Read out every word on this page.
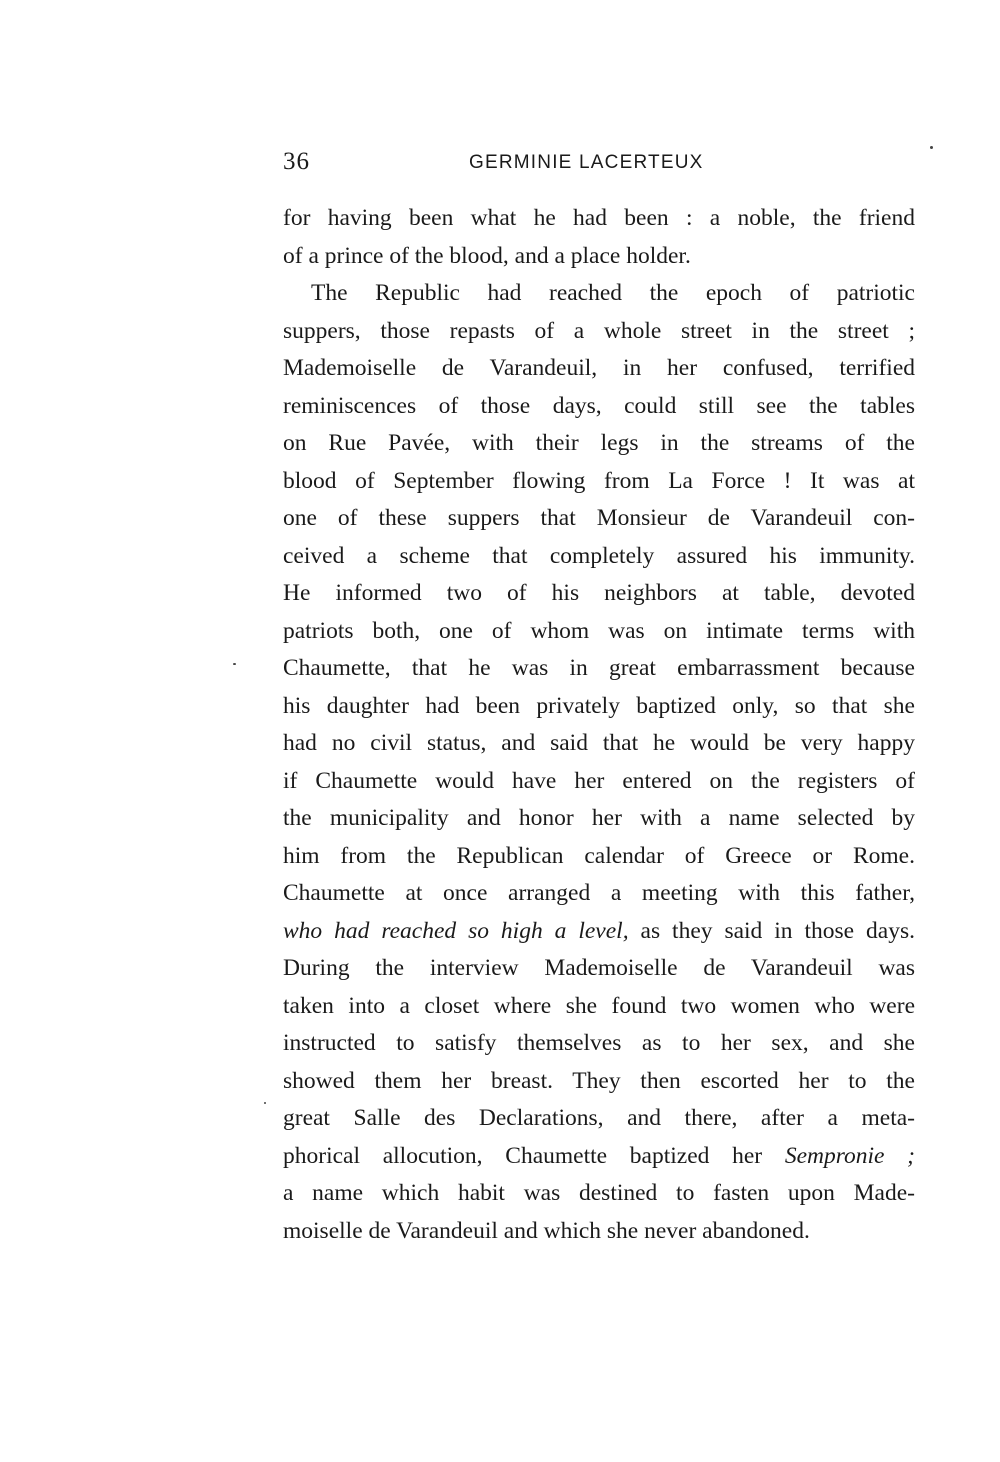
36	GERMINIE LACERTEUX
for having been what he had been : a noble, the friend
of a prince of the blood, and a place holder.
The Republic had reached the epoch of patriotic
suppers, those repasts of a whole street in the street ;
Mademoiselle de Varandeuil, in her confused, terrified
reminiscences of those days, could still see the tables
on Rue Pavée, with their legs in the streams of the
blood of September flowing from La Force ! It was at
one of these suppers that Monsieur de Varandeuil con-
ceived a scheme that completely assured his immunity.
He informed two of his neighbors at table, devoted
patriots both, one of whom was on intimate terms with
Chaumette, that he was in great embarrassment because
his daughter had been privately baptized only, so that she
had no civil status, and said that he would be very happy
if Chaumette would have her entered on the registers of
the municipality and honor her with a name selected by
him from the Republican calendar of Greece or Rome.
Chaumette at once arranged a meeting with this father,
who had reached so high a level, as they said in those days.
During the interview Mademoiselle de Varandeuil was
taken into a closet where she found two women who were
instructed to satisfy themselves as to her sex, and she
showed them her breast. They then escorted her to the
great Salle des Declarations, and there, after a meta-
phorical allocution, Chaumette baptized her Sempronie ;
a name which habit was destined to fasten upon Made-
moiselle de Varandeuil and which she never abandoned.
